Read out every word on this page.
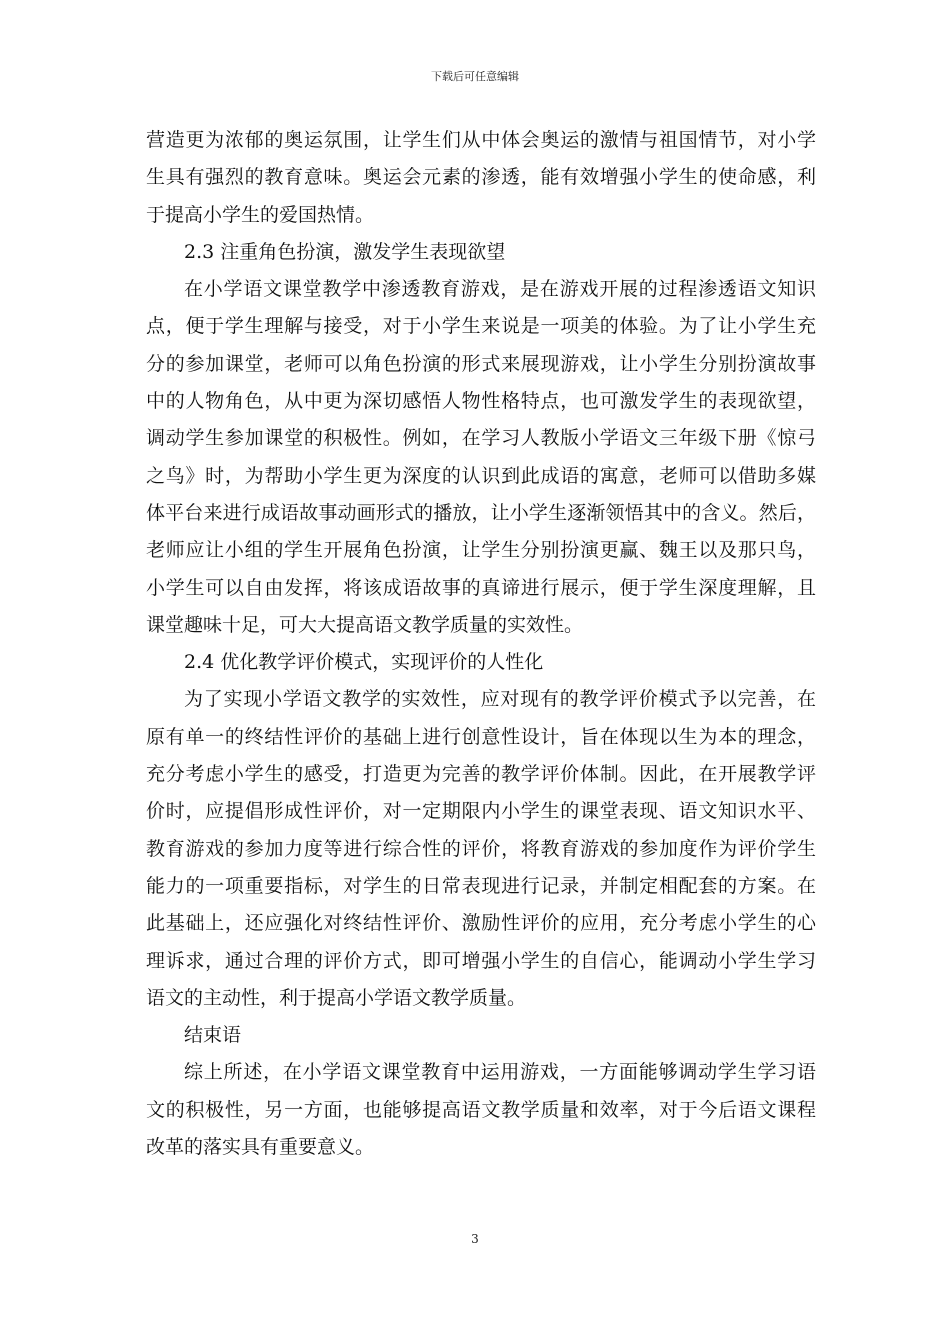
下载后可任意编辑
营造更为浓郁的奥运氛围，让学生们从中体会奥运的激情与祖国情节，对小学
生具有强烈的教育意味。奥运会元素的渗透，能有效增强小学生的使命感，利
于提高小学生的爱国热情。
2.3 注重角色扮演，激发学生表现欲望
在小学语文课堂教学中渗透教育游戏，是在游戏开展的过程渗透语文知识
点，便于学生理解与接受，对于小学生来说是一项美的体验。为了让小学生充
分的参加课堂，老师可以角色扮演的形式来展现游戏，让小学生分别扮演故事
中的人物角色，从中更为深切感悟人物性格特点，也可激发学生的表现欲望，
调动学生参加课堂的积极性。例如，在学习人教版小学语文三年级下册《惊弓
之鸟》时，为帮助小学生更为深度的认识到此成语的寓意，老师可以借助多媒
体平台来进行成语故事动画形式的播放，让小学生逐渐领悟其中的含义。然后，
老师应让小组的学生开展角色扮演，让学生分别扮演更赢、魏王以及那只鸟，
小学生可以自由发挥，将该成语故事的真谛进行展示，便于学生深度理解，且
课堂趣味十足，可大大提高语文教学质量的实效性。
2.4 优化教学评价模式，实现评价的人性化
为了实现小学语文教学的实效性，应对现有的教学评价模式予以完善，在
原有单一的终结性评价的基础上进行创意性设计，旨在体现以生为本的理念，
充分考虑小学生的感受，打造更为完善的教学评价体制。因此，在开展教学评
价时，应提倡形成性评价，对一定期限内小学生的课堂表现、语文知识水平、
教育游戏的参加力度等进行综合性的评价，将教育游戏的参加度作为评价学生
能力的一项重要指标，对学生的日常表现进行记录，并制定相配套的方案。在
此基础上，还应强化对终结性评价、激励性评价的应用，充分考虑小学生的心
理诉求，通过合理的评价方式，即可增强小学生的自信心，能调动小学生学习
语文的主动性，利于提高小学语文教学质量。
结束语
综上所述，在小学语文课堂教育中运用游戏，一方面能够调动学生学习语
文的积极性，另一方面，也能够提高语文教学质量和效率，对于今后语文课程
改革的落实具有重要意义。
3
